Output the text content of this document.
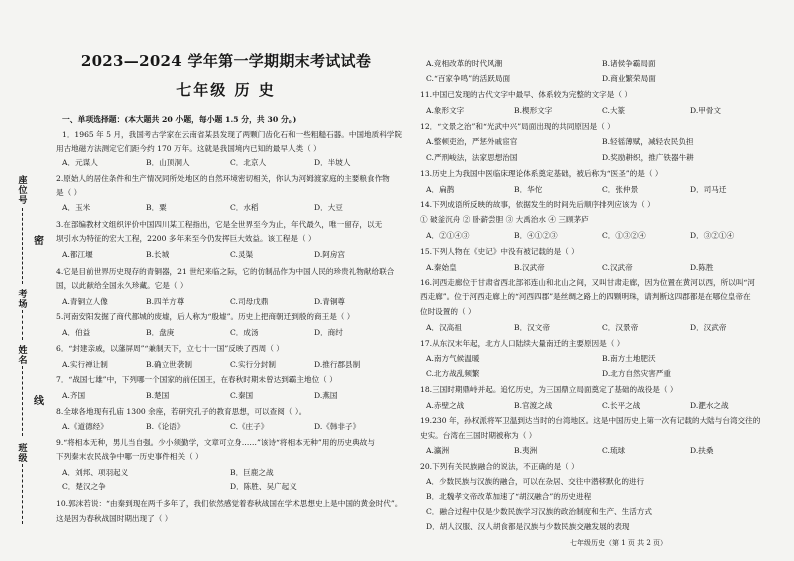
座位号
考场
姓名
班级
密
线
2023—2024 学年第一学期期末考试试卷
七年级 历 史
一、单项选择题：(本大题共 20 小题，每小题 1.5 分，共 30 分。)
1．1965 年 5 月，我国考古学家在云南省某县发现了两颗门齿化石和一些粗糙石器。中国地质科学院
用古地磁方法测定它们距今约 170 万年。这就是我国境内已知的最早人类（ ）
A．元谋人	B．山顶洞人	C．北京人	D．半坡人
2.原始人的居住条件和生产情况同所处地区的自然环境密切相关，你认为河姆渡家庭的主要粮食作物
是（ ）
A．玉米	B．粟	C．水稻	D．大豆
3.在部编教材文组织评价中国四川某工程指出，它是全世界至今为止，年代最久，唯一留存，以无
坝引水为特征的宏大工程，2200 多年来至今仍发挥巨大效益。该工程是（ ）
A.都江堰	B.长城	C.灵渠	D.阿房宫
4.它是目前世界历史现存的青铜器，21 世纪来临之际，它的仿制品作为中国人民的珍贵礼物献给联合
国，以此献给全国永久珍藏。它是（ ）
A.青铜立人像	B.四羊方尊	C.司母戊鼎	D.青铜尊
5.河南安阳发掘了商代都城的废墟，后人称为“殷墟”。历史上把商朝迁到殷的商王是（ ）
A．伯益	B．盘庚	C．成汤	D．商纣
6．“封建亲戚，以藩屏周”“兼制天下，立七十一国”反映了西周（ ）
A.实行禅让制	B.确立世袭制	C.实行分封制	D.推行郡县制
7．“战国七雄”中，下列哪一个国家的前任国王，在春秋时期未曾达到霸主地位（ ）
A.齐国	B.楚国	C.秦国	D.燕国
8.全球各地现有孔庙 1300 余座，若研究孔子的教育思想，可以查阅（ ）。
A.《道德经》	B.《论语》	C.《庄子》	D.《韩非子》
9.“将相本无种，男儿当自强。少小须勤学，文章可立身……”该诗“将相本无种”用的历史典故与
下列秦末农民战争中哪一历史事件相关（ ）
A．刘邦、项羽起义	B．巨鹿之战
C．楚汉之争	D．陈胜、吴广起义
10.郭沫若说：“由秦到现在两千多年了，我们依然感觉着春秋战国在学术思想史上是中国的黄金时代”。
这是因为春秋战国时期出现了（ ）
A.竞相改革的时代风潮	B.诸侯争霸局面
C.“百家争鸣”的活跃局面	D.商业繁荣局面
11.中国已发现的古代文字中最早、体系较为完整的文字是（ ）
A.象形文字	B.楔形文字	C.大篆	D.甲骨文
12．“文景之治”和“光武中兴”局面出现的共同原因是（ ）
A.整顿吏治，严惩外戚宦官	B.轻徭薄赋，减轻农民负担
C.严刑峻法，法家思想治国	D.奖励耕织，推广铁器牛耕
13.历史上为我国中医临床理论体系奠定基础，被后称为“医圣”的是（ ）
A．扁鹊	B．华佗	C．张仲景	D．司马迁
14.下列成语所反映的故事，依据发生的时间先后顺序排列应该为（ ）
① 破釜沉舟 ② 卧薪尝胆 ③ 大禹治水 ④ 三顾茅庐
A．②①④③	B．④①②③	C．①③②④	D．③②①④
15.下列人物在《史记》中没有被记载的是（ ）
A.秦始皇	B.汉武帝	C.汉武帝	D.陈胜
16.河西走廊位于甘肃省西北部祁连山和北山之间，又叫甘肃走廊，因为位置在黄河以西，所以叫“河
西走廊”。位于河西走廊上的“河西四郡”是丝绸之路上的四颗明珠，请判断这四郡都是在哪位皇帝在
位时设置的（ ）
A．汉高祖	B．汉文帝	C．汉景帝	D．汉武帝
17.从东汉末年起，北方人口陆续大量南迁的主要原因是（ ）
A.南方气候温暖	B.南方土地肥沃
C.北方战乱频繁	D.北方自然灾害严重
18.三国时期鼎峙并起。追忆历史，为三国鼎立局面奠定了基础的战役是（ ）
A.赤壁之战	B.官渡之战	C.长平之战	D.淝水之战
19.230 年，孙权派将军卫温到达当时的台湾地区。这是中国历史上第一次有记载的大陆与台湾交往的
史实。台湾在三国时期被称为（ ）
A.瀛洲	B.夷洲	C.琉球	D.扶桑
20.下列有关民族融合的说法，不正确的是（ ）
A．少数民族与汉族的融合，可以在杂居、交往中潜移默化的进行
B．北魏孝文帝改革加速了“胡汉融合”的历史进程
C．融合过程中仅是少数民族学习汉族的政治制度和生产、生活方式
D．胡人汉服、汉人胡食都是汉族与少数民族交融发展的表现
七年级历史（第 1 页 共 2 页）
